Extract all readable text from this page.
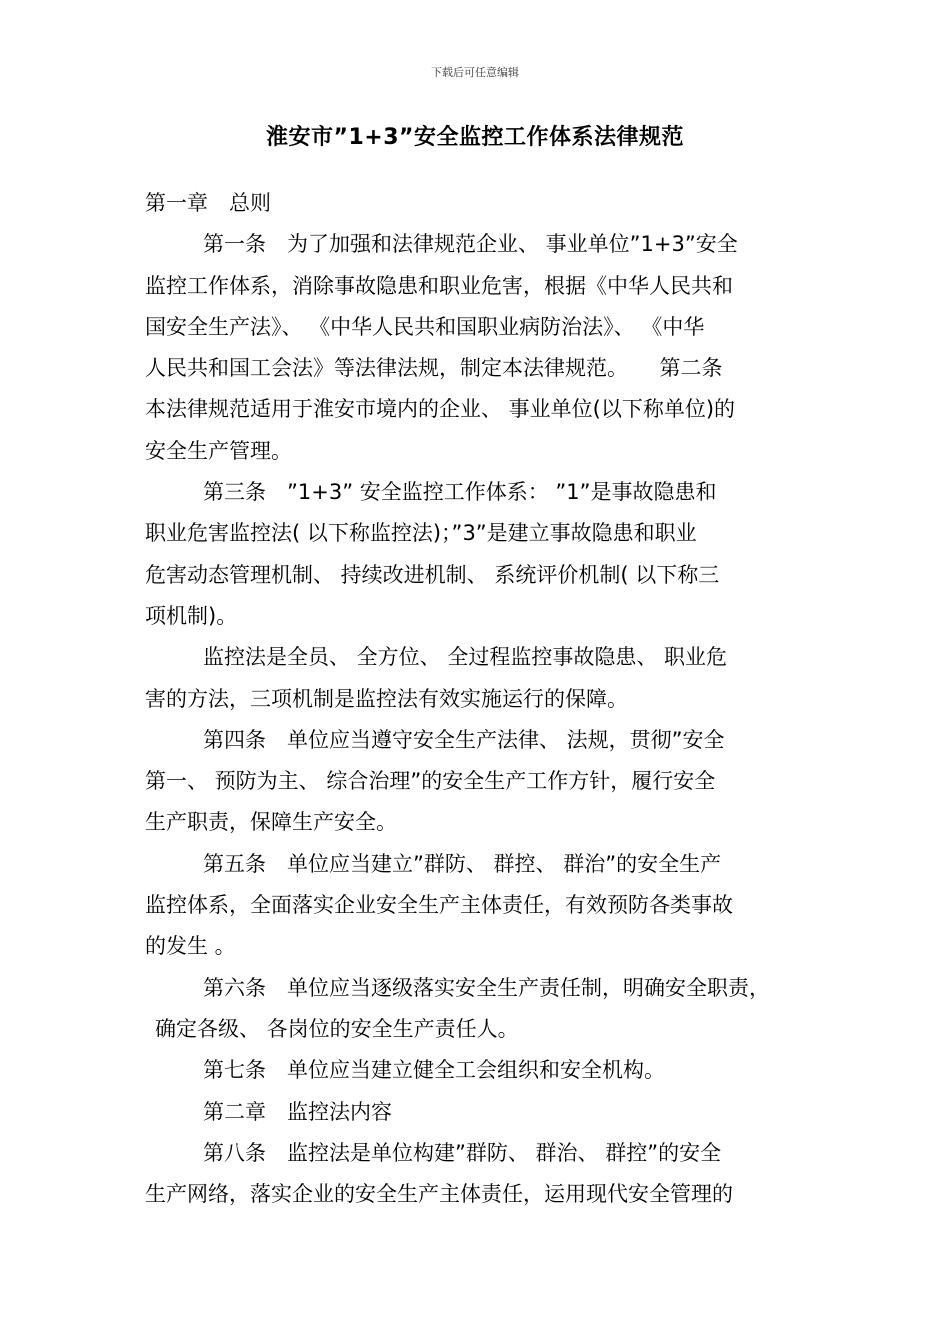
下载后可任意编辑
淮安市”1+3”安全监控工作体系法律规范
第一章　总则
第一条　为了加强和法律规范企业、 事业单位”1+3”安全
监控工作体系，消除事故隐患和职业危害，根据《中华人民共和
国安全生产法》、 《中华人民共和国职业病防治法》、 《中华
人民共和国工会法》等法律法规，制定本法律规范。　　第二条
本法律规范适用于淮安市境内的企业、 事业单位(以下称单位)的
安全生产管理。
第三条　”1+3” 安全监控工作体系： ”1”是事故隐患和
职业危害监控法( 以下称监控法)；”3”是建立事故隐患和职业
危害动态管理机制、 持续改进机制、 系统评价机制( 以下称三
项机制)。
监控法是全员、 全方位、 全过程监控事故隐患、 职业危
害的方法，三项机制是监控法有效实施运行的保障。
第四条　单位应当遵守安全生产法律、 法规，贯彻”安全
第一、 预防为主、 综合治理”的安全生产工作方针，履行安全
生产职责，保障生产安全。
第五条　单位应当建立”群防、 群控、 群治”的安全生产
监控体系，全面落实企业安全生产主体责任，有效预防各类事故
的发生 。
第六条　单位应当逐级落实安全生产责任制，明确安全职责，
确定各级、 各岗位的安全生产责任人。
第七条　单位应当建立健全工会组织和安全机构。
第二章　监控法内容
第八条　监控法是单位构建”群防、 群治、 群控”的安全
生产网络，落实企业的安全生产主体责任，运用现代安全管理的
